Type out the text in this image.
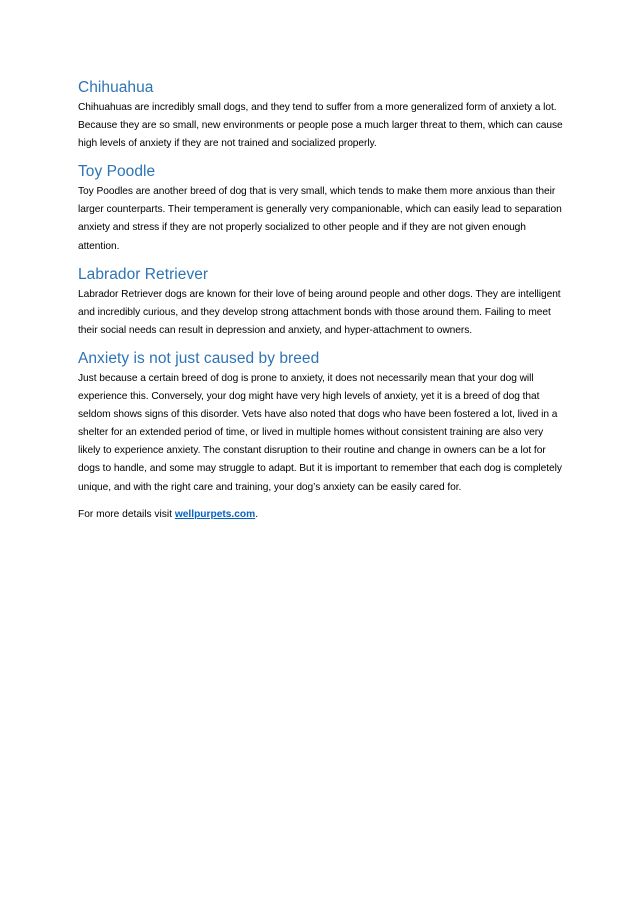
Chihuahua

Chihuahuas are incredibly small dogs, and they tend to suffer from a more generalized form of anxiety a lot. Because they are so small, new environments or people pose a much larger threat to them, which can cause high levels of anxiety if they are not trained and socialized properly.

Toy Poodle

Toy Poodles are another breed of dog that is very small, which tends to make them more anxious than their larger counterparts. Their temperament is generally very companionable, which can easily lead to separation anxiety and stress if they are not properly socialized to other people and if they are not given enough attention.

Labrador Retriever

Labrador Retriever dogs are known for their love of being around people and other dogs. They are intelligent and incredibly curious, and they develop strong attachment bonds with those around them. Failing to meet their social needs can result in depression and anxiety, and hyper-attachment to owners.

Anxiety is not just caused by breed

Just because a certain breed of dog is prone to anxiety, it does not necessarily mean that your dog will experience this. Conversely, your dog might have very high levels of anxiety, yet it is a breed of dog that seldom shows signs of this disorder. Vets have also noted that dogs who have been fostered a lot, lived in a shelter for an extended period of time, or lived in multiple homes without consistent training are also very likely to experience anxiety. The constant disruption to their routine and change in owners can be a lot for dogs to handle, and some may struggle to adapt. But it is important to remember that each dog is completely unique, and with the right care and training, your dog’s anxiety can be easily cared for.

For more details visit wellpurpets.com.
